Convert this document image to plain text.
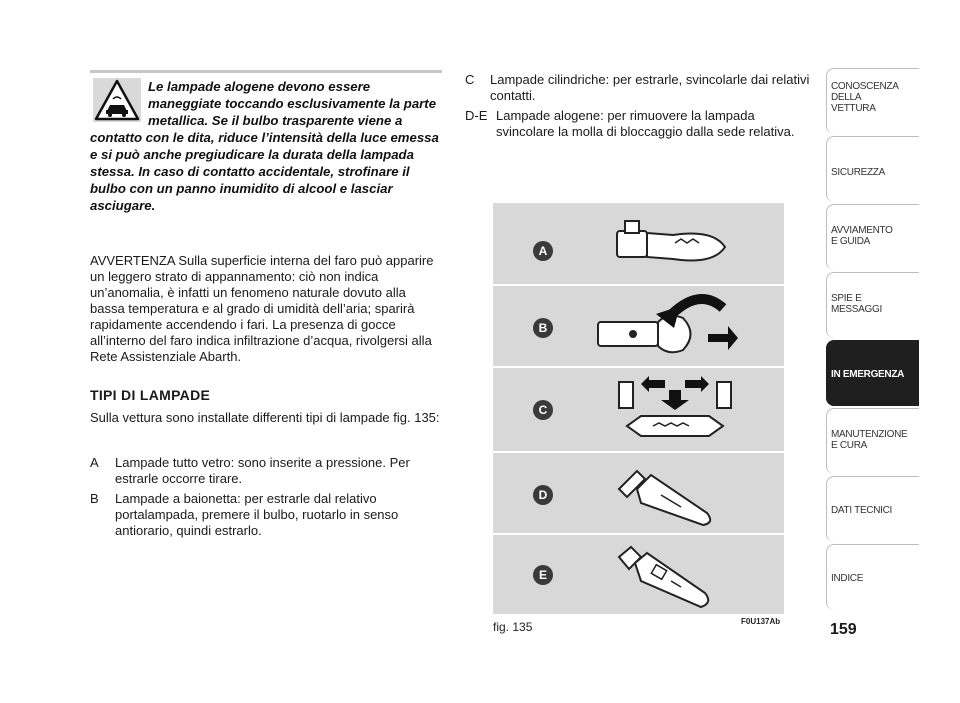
Le lampade alogene devono essere maneggiate toccando esclusivamente la parte metallica. Se il bulbo trasparente viene a contatto con le dita, riduce l’intensità della luce emessa e si può anche pregiudicare la durata della lampada stessa. In caso di contatto accidentale, strofinare il bulbo con un panno inumidito di alcool e lasciar asciugare.
AVVERTENZA Sulla superficie interna del faro può apparire un leggero strato di appannamento: ciò non indica un’anomalia, è infatti un fenomeno naturale dovuto alla bassa temperatura e al grado di umidità dell’aria; sparirà rapidamente accendendo i fari. La presenza di gocce all’interno del faro indica infiltrazione d’acqua, rivolgersi alla Rete Assistenziale Abarth.
TIPI DI LAMPADE
Sulla vettura sono installate differenti tipi di lampade fig. 135:
A	Lampade tutto vetro: sono inserite a pressione. Per estrarle occorre tirare.
B	Lampade a baionetta: per estrarle dal relativo portalampada, premere il bulbo, ruotarlo in senso antiorario, quindi estrarlo.
C	Lampade cilindriche: per estrarle, svincolarle dai relativi contatti.
D-E Lampade alogene: per rimuovere la lampada svincolare la molla di bloccaggio dalla sede relativa.
A
B
C
D
E
fig. 135	F0U137Ab
CONOSCENZA
DELLA
VETTURA
SICUREZZA
AVVIAMENTO
E GUIDA
SPIE E
MESSAGGI
IN EMERGENZA
MANUTENZIONE
E CURA
DATI TECNICI
INDICE
159
